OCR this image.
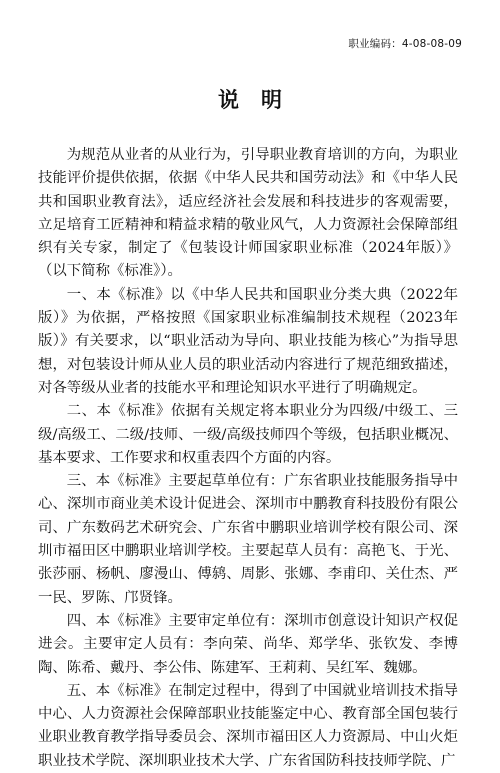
职业编码：4-08-08-09
说明

为规范从业者的从业行为，引导职业教育培训的方向，为职业技能评价提供依据，依据《中华人民共和国劳动法》和《中华人民共和国职业教育法》，适应经济社会发展和科技进步的客观需要，立足培育工匠精神和精益求精的敬业风气，人力资源社会保障部组织有关专家，制定了《包装设计师国家职业标准（2024年版）》（以下简称《标准》）。

一、本《标准》以《中华人民共和国职业分类大典（2022年版）》为依据，严格按照《国家职业标准编制技术规程（2023年版）》有关要求，以“职业活动为导向、职业技能为核心”为指导思想，对包装设计师从业人员的职业活动内容进行了规范细致描述，对各等级从业者的技能水平和理论知识水平进行了明确规定。

二、本《标准》依据有关规定将本职业分为四级/中级工、三级/高级工、二级/技师、一级/高级技师四个等级，包括职业概况、基本要求、工作要求和权重表四个方面的内容。

三、本《标准》主要起草单位有：广东省职业技能服务指导中心、深圳市商业美术设计促进会、深圳市中鹏教育科技股份有限公司、广东数码艺术研究会、广东省中鹏职业培训学校有限公司、深圳市福田区中鹏职业培训学校。主要起草人员有：高艳飞、于光、张莎丽、杨帆、廖漫山、傅鸫、周影、张娜、李甫印、关仕杰、严一民、罗陈、邝贤锋。

四、本《标准》主要审定单位有：深圳市创意设计知识产权促进会。主要审定人员有：李向荣、尚华、郑学华、张钦发、李博陶、陈希、戴丹、李公伟、陈建军、王莉莉、吴红军、魏娜。

五、本《标准》在制定过程中，得到了中国就业培训技术指导中心、人力资源社会保障部职业技能鉴定中心、教育部全国包装行业职业教育教学指导委员会、深圳市福田区人力资源局、中山火炬职业技术学院、深圳职业技术大学、广东省国防科技技师学院、广
